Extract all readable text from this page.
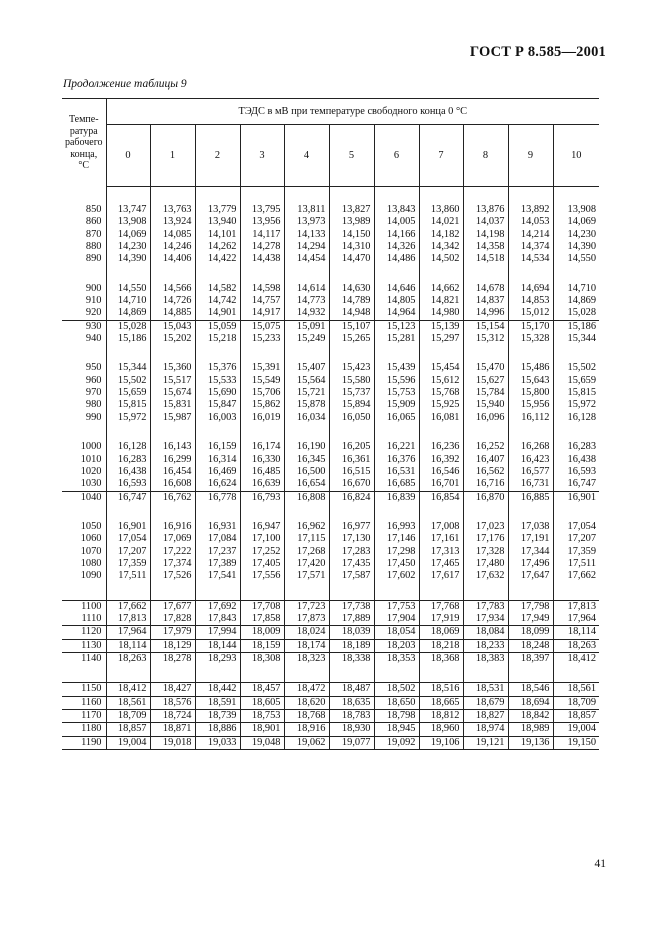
ГОСТ Р 8.585—2001
Продолжение таблицы 9
Темпе-
ратура
рабочего
конца,
°С	ТЭДС в мВ при температуре свободного конца 0 °С										
	0	1	2	3	4	5	6	7	8	9	10

850	13,747	13,763	13,779	13,795	13,811	13,827	13,843	13,860	13,876	13,892	13,908
860	13,908	13,924	13,940	13,956	13,973	13,989	14,005	14,021	14,037	14,053	14,069
870	14,069	14,085	14,101	14,117	14,133	14,150	14,166	14,182	14,198	14,214	14,230
880	14,230	14,246	14,262	14,278	14,294	14,310	14,326	14,342	14,358	14,374	14,390
890	14,390	14,406	14,422	14,438	14,454	14,470	14,486	14,502	14,518	14,534	14,550

900	14,550	14,566	14,582	14,598	14,614	14,630	14,646	14,662	14,678	14,694	14,710
910	14,710	14,726	14,742	14,757	14,773	14,789	14,805	14,821	14,837	14,853	14,869
920	14,869	14,885	14,901	14,917	14,932	14,948	14,964	14,980	14,996	15,012	15,028
930	15,028	15,043	15,059	15,075	15,091	15,107	15,123	15,139	15,154	15,170	15,186
940	15,186	15,202	15,218	15,233	15,249	15,265	15,281	15,297	15,312	15,328	15,344

950	15,344	15,360	15,376	15,391	15,407	15,423	15,439	15,454	15,470	15,486	15,502
960	15,502	15,517	15,533	15,549	15,564	15,580	15,596	15,612	15,627	15,643	15,659
970	15,659	15,674	15,690	15,706	15,721	15,737	15,753	15,768	15,784	15,800	15,815
980	15,815	15,831	15,847	15,862	15,878	15,894	15,909	15,925	15,940	15,956	15,972
990	15,972	15,987	16,003	16,019	16,034	16,050	16,065	16,081	16,096	16,112	16,128

1000	16,128	16,143	16,159	16,174	16,190	16,205	16,221	16,236	16,252	16,268	16,283
1010	16,283	16,299	16,314	16,330	16,345	16,361	16,376	16,392	16,407	16,423	16,438
1020	16,438	16,454	16,469	16,485	16,500	16,515	16,531	16,546	16,562	16,577	16,593
1030	16,593	16,608	16,624	16,639	16,654	16,670	16,685	16,701	16,716	16,731	16,747
1040	16,747	16,762	16,778	16,793	16,808	16,824	16,839	16,854	16,870	16,885	16,901

1050	16,901	16,916	16,931	16,947	16,962	16,977	16,993	17,008	17,023	17,038	17,054
1060	17,054	17,069	17,084	17,100	17,115	17,130	17,146	17,161	17,176	17,191	17,207
1070	17,207	17,222	17,237	17,252	17,268	17,283	17,298	17,313	17,328	17,344	17,359
1080	17,359	17,374	17,389	17,405	17,420	17,435	17,450	17,465	17,480	17,496	17,511
1090	17,511	17,526	17,541	17,556	17,571	17,587	17,602	17,617	17,632	17,647	17,662

1100	17,662	17,677	17,692	17,708	17,723	17,738	17,753	17,768	17,783	17,798	17,813
1110	17,813	17,828	17,843	17,858	17,873	17,889	17,904	17,919	17,934	17,949	17,964
1120	17,964	17,979	17,994	18,009	18,024	18,039	18,054	18,069	18,084	18,099	18,114
1130	18,114	18,129	18,144	18,159	18,174	18,189	18,203	18,218	18,233	18,248	18,263
1140	18,263	18,278	18,293	18,308	18,323	18,338	18,353	18,368	18,383	18,397	18,412

1150	18,412	18,427	18,442	18,457	18,472	18,487	18,502	18,516	18,531	18,546	18,561
1160	18,561	18,576	18,591	18,605	18,620	18,635	18,650	18,665	18,679	18,694	18,709
1170	18,709	18,724	18,739	18,753	18,768	18,783	18,798	18,812	18,827	18,842	18,857
1180	18,857	18,871	18,886	18,901	18,916	18,930	18,945	18,960	18,974	18,989	19,004
1190	19,004	19,018	19,033	19,048	19,062	19,077	19,092	19,106	19,121	19,136	19,150
41
